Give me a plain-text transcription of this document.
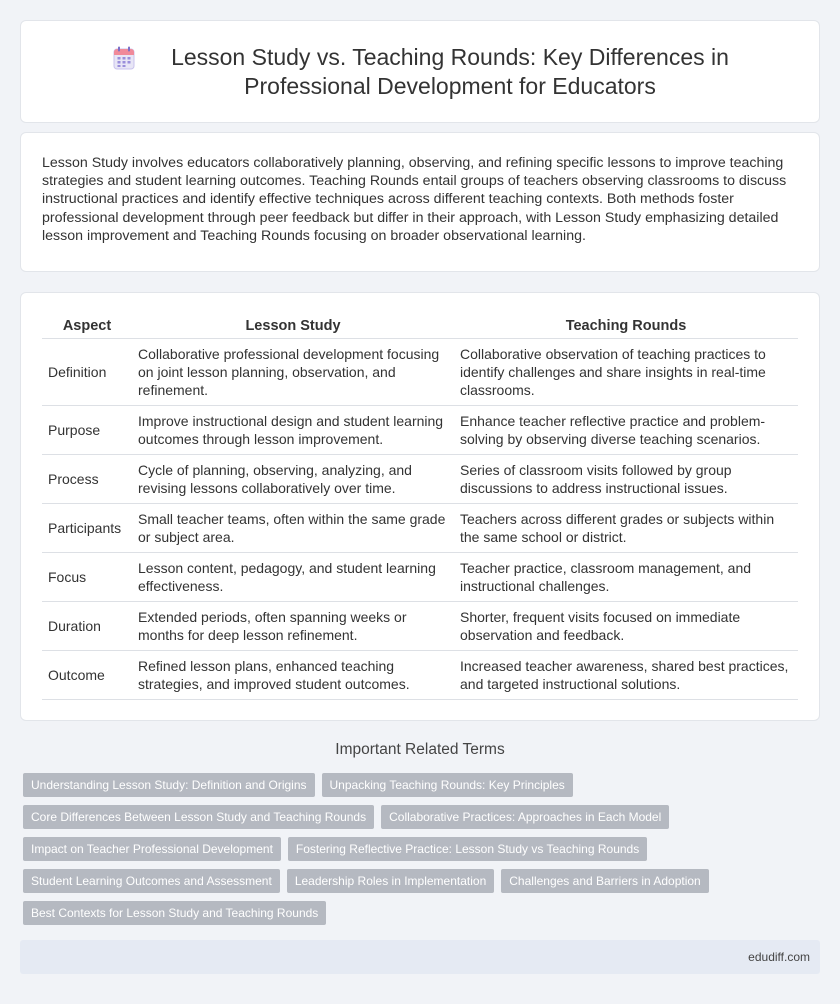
Lesson Study vs. Teaching Rounds: Key Differences in Professional Development for Educators

Lesson Study involves educators collaboratively planning, observing, and refining specific lessons to improve teaching strategies and student learning outcomes. Teaching Rounds entail groups of teachers observing classrooms to discuss instructional practices and identify effective techniques across different teaching contexts. Both methods foster professional development through peer feedback but differ in their approach, with Lesson Study emphasizing detailed lesson improvement and Teaching Rounds focusing on broader observational learning.

Aspect	Lesson Study	Teaching Rounds
Definition	Collaborative professional development focusing on joint lesson planning, observation, and refinement.	Collaborative observation of teaching practices to identify challenges and share insights in real-time classrooms.
Purpose	Improve instructional design and student learning outcomes through lesson improvement.	Enhance teacher reflective practice and problem-solving by observing diverse teaching scenarios.
Process	Cycle of planning, observing, analyzing, and revising lessons collaboratively over time.	Series of classroom visits followed by group discussions to address instructional issues.
Participants	Small teacher teams, often within the same grade or subject area.	Teachers across different grades or subjects within the same school or district.
Focus	Lesson content, pedagogy, and student learning effectiveness.	Teacher practice, classroom management, and instructional challenges.
Duration	Extended periods, often spanning weeks or months for deep lesson refinement.	Shorter, frequent visits focused on immediate observation and feedback.
Outcome	Refined lesson plans, enhanced teaching strategies, and improved student outcomes.	Increased teacher awareness, shared best practices, and targeted instructional solutions.
Important Related Terms
Understanding Lesson Study: Definition and Origins	Unpacking Teaching Rounds: Key Principles
Core Differences Between Lesson Study and Teaching Rounds	Collaborative Practices: Approaches in Each Model
Impact on Teacher Professional Development	Fostering Reflective Practice: Lesson Study vs Teaching Rounds
Student Learning Outcomes and Assessment	Leadership Roles in Implementation	Challenges and Barriers in Adoption
Best Contexts for Lesson Study and Teaching Rounds
edudiff.com
